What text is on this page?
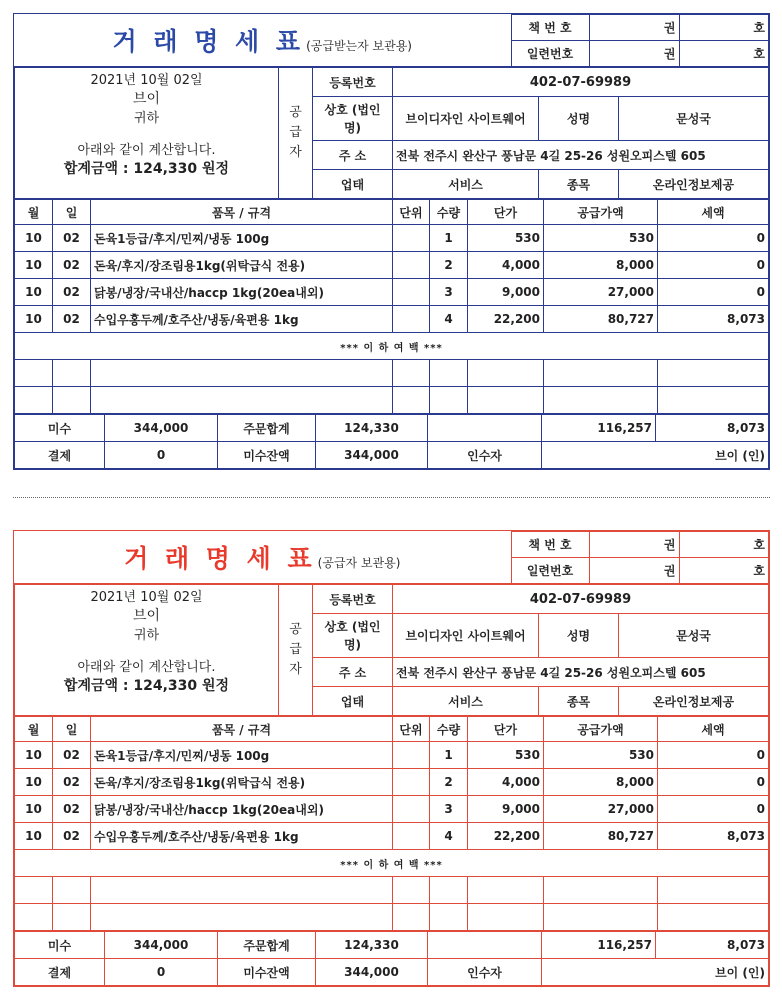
거 래 명 세 표 (공급받는자 보관용)	책 번 호	권	호
	일련번호	권	호
2021년 10월 02일
브이
귀하
아래와 같이 계산합니다.
합계금액 : 124,330 원정	공급자	등록번호	402-07-69989		
		상호 (법인명)	브이디자인 사이트웨어	성명	문성국
		주 소	전북 전주시 완산구 풍남문 4길 25-26 성원오피스텔 605		
		업태	서비스	종목	온라인정보제공
월	일	품목 / 규격	단위	수량	단가	공급가액	세액
10	02	돈육1등급/후지/민찌/냉동 100g		1	530	530	0
10	02	돈육/후지/장조림용1kg(위탁급식 전용)		2	4,000	8,000	0
10	02	닭봉/냉장/국내산/haccp 1kg(20ea내외)		3	9,000	27,000	0
10	02	수입우홍두께/호주산/냉동/육편용 1kg		4	22,200	80,727	8,073
*** 이 하 여 백 ***							

미수	344,000	주문합계	124,330		116,257	8,073
결제	0	미수잔액	344,000	인수자	브이 (인)	
거 래 명 세 표 (공급자 보관용)	책 번 호	권	호
	일련번호	권	호
2021년 10월 02일
브이
귀하
아래와 같이 계산합니다.
합계금액 : 124,330 원정	공급자	등록번호	402-07-69989		
		상호 (법인명)	브이디자인 사이트웨어	성명	문성국
		주 소	전북 전주시 완산구 풍남문 4길 25-26 성원오피스텔 605		
		업태	서비스	종목	온라인정보제공
월	일	품목 / 규격	단위	수량	단가	공급가액	세액
10	02	돈육1등급/후지/민찌/냉동 100g		1	530	530	0
10	02	돈육/후지/장조림용1kg(위탁급식 전용)		2	4,000	8,000	0
10	02	닭봉/냉장/국내산/haccp 1kg(20ea내외)		3	9,000	27,000	0
10	02	수입우홍두께/호주산/냉동/육편용 1kg		4	22,200	80,727	8,073
*** 이 하 여 백 ***							

미수	344,000	주문합계	124,330		116,257	8,073
결제	0	미수잔액	344,000	인수자	브이 (인)	
